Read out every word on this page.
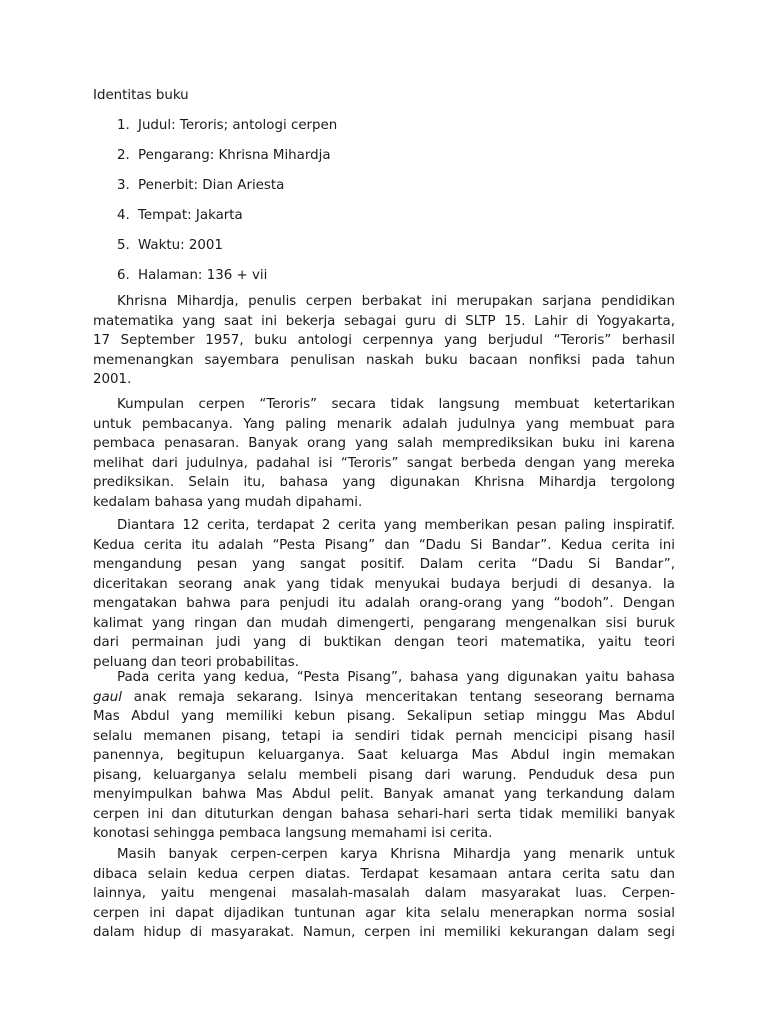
Identitas buku

1. Judul: Teroris; antologi cerpen
2. Pengarang: Khrisna Mihardja
3. Penerbit: Dian Ariesta
4. Tempat: Jakarta
5. Waktu: 2001
6. Halaman: 136 + vii
Khrisna Mihardja, penulis cerpen berbakat ini merupakan sarjana pendidikan
matematika yang saat ini bekerja sebagai guru di SLTP 15. Lahir di Yogyakarta,
17 September 1957, buku antologi cerpennya yang berjudul “Teroris” berhasil
memenangkan sayembara penulisan naskah buku bacaan nonfiksi pada tahun
2001.
Kumpulan cerpen “Teroris” secara tidak langsung membuat ketertarikan
untuk pembacanya. Yang paling menarik adalah judulnya yang membuat para
pembaca penasaran. Banyak orang yang salah memprediksikan buku ini karena
melihat dari judulnya, padahal isi “Teroris” sangat berbeda dengan yang mereka
prediksikan. Selain itu, bahasa yang digunakan Khrisna Mihardja tergolong
kedalam bahasa yang mudah dipahami.
Diantara 12 cerita, terdapat 2 cerita yang memberikan pesan paling inspiratif.
Kedua cerita itu adalah “Pesta Pisang” dan “Dadu Si Bandar”. Kedua cerita ini
mengandung pesan yang sangat positif. Dalam cerita “Dadu Si Bandar”,
diceritakan seorang anak yang tidak menyukai budaya berjudi di desanya. Ia
mengatakan bahwa para penjudi itu adalah orang-orang yang “bodoh”. Dengan
kalimat yang ringan dan mudah dimengerti, pengarang mengenalkan sisi buruk
dari permainan judi yang di buktikan dengan teori matematika, yaitu teori
peluang dan teori probabilitas.
Pada cerita yang kedua, “Pesta Pisang”, bahasa yang digunakan yaitu bahasa
gaul anak remaja sekarang. Isinya menceritakan tentang seseorang bernama
Mas Abdul yang memiliki kebun pisang. Sekalipun setiap minggu Mas Abdul
selalu memanen pisang, tetapi ia sendiri tidak pernah mencicipi pisang hasil
panennya, begitupun keluarganya. Saat keluarga Mas Abdul ingin memakan
pisang, keluarganya selalu membeli pisang dari warung. Penduduk desa pun
menyimpulkan bahwa Mas Abdul pelit. Banyak amanat yang terkandung dalam
cerpen ini dan dituturkan dengan bahasa sehari-hari serta tidak memiliki banyak
konotasi sehingga pembaca langsung memahami isi cerita.
Masih banyak cerpen-cerpen karya Khrisna Mihardja yang menarik untuk
dibaca selain kedua cerpen diatas. Terdapat kesamaan antara cerita satu dan
lainnya, yaitu mengenai masalah-masalah dalam masyarakat luas. Cerpen-
cerpen ini dapat dijadikan tuntunan agar kita selalu menerapkan norma sosial
dalam hidup di masyarakat. Namun, cerpen ini memiliki kekurangan dalam segi
